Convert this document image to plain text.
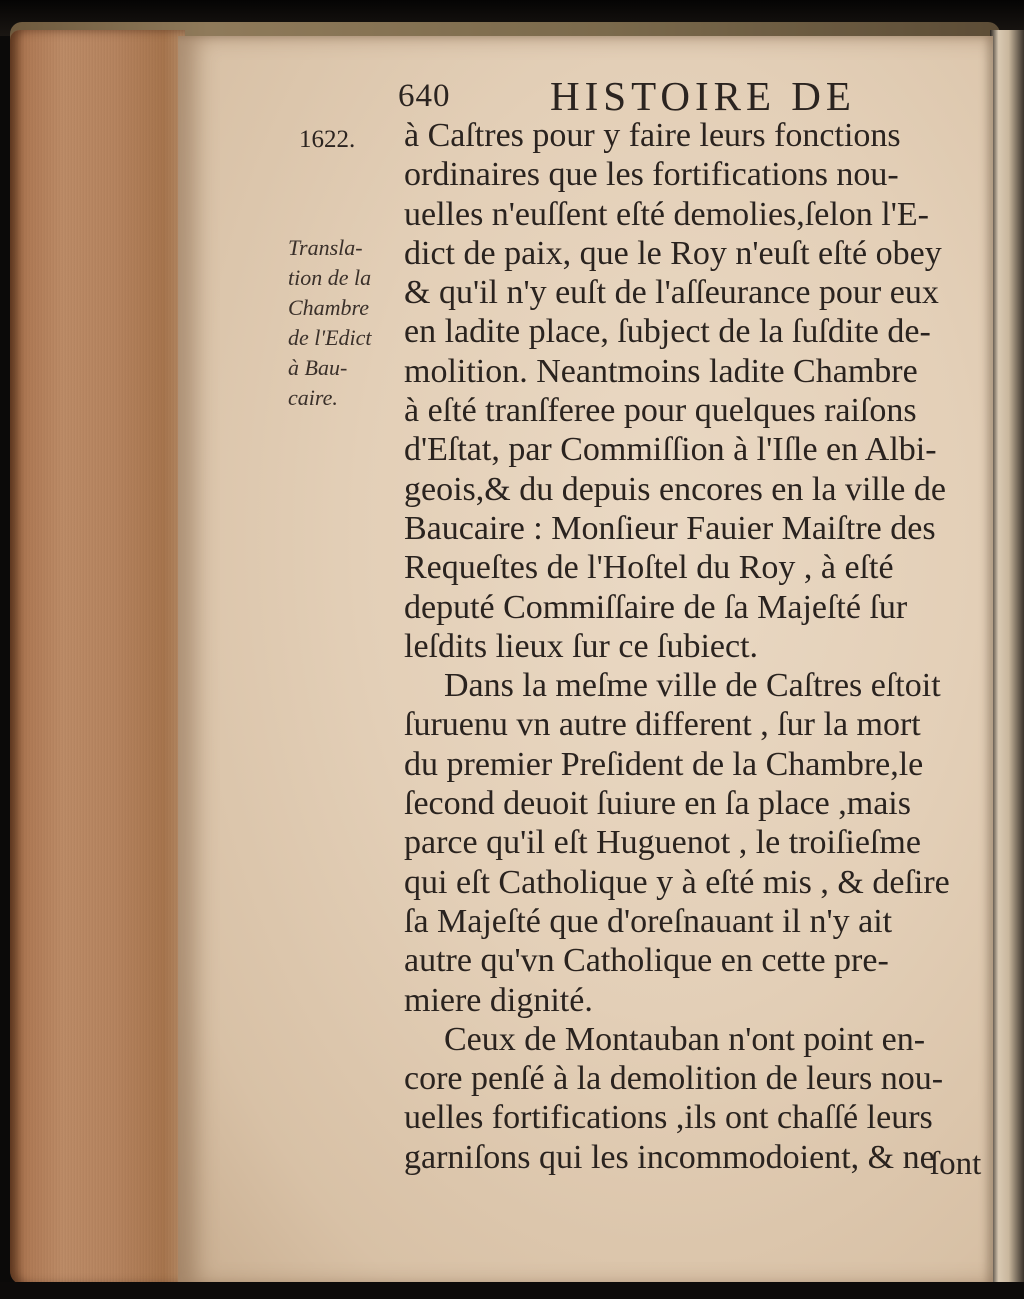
640 HISTOIRE DE
1622.
Transla-
tion de la
Chambre
de l'Edict
à Bau-
caire.
à Caſtres pour y faire leurs fonctions
ordinaires que les fortifications nou-
uelles n'euſſent eſté demolies,ſelon l'E-
dict de paix, que le Roy n'euſt eſté obey
& qu'il n'y euſt de l'aſſeurance pour eux
en ladite place, ſubject de la ſuſdite de-
molition. Neantmoins ladite Chambre
à eſté tranſferee pour quelques raiſons
d'Eſtat, par Commiſſion à l'Iſle en Albi-
geois,& du depuis encores en la ville de
Baucaire : Monſieur Fauier Maiſtre des
Requeſtes de l'Hoſtel du Roy , à eſté
deputé Commiſſaire de ſa Majeſté ſur
leſdits lieux ſur ce ſubiect.
Dans la meſme ville de Caſtres eſtoit
ſuruenu vn autre different , ſur la mort
du premier Preſident de la Chambre,le
ſecond deuoit ſuiure en ſa place ,mais
parce qu'il eſt Huguenot , le troiſieſme
qui eſt Catholique y à eſté mis , & deſire
ſa Majeſté que d'oreſnauant il n'y ait
autre qu'vn Catholique en cette pre-
miere dignité.
Ceux de Montauban n'ont point en-
core penſé à la demolition de leurs nou-
uelles fortifications ,ils ont chaſſé leurs
garniſons qui les incommodoient, & ne
ſont
